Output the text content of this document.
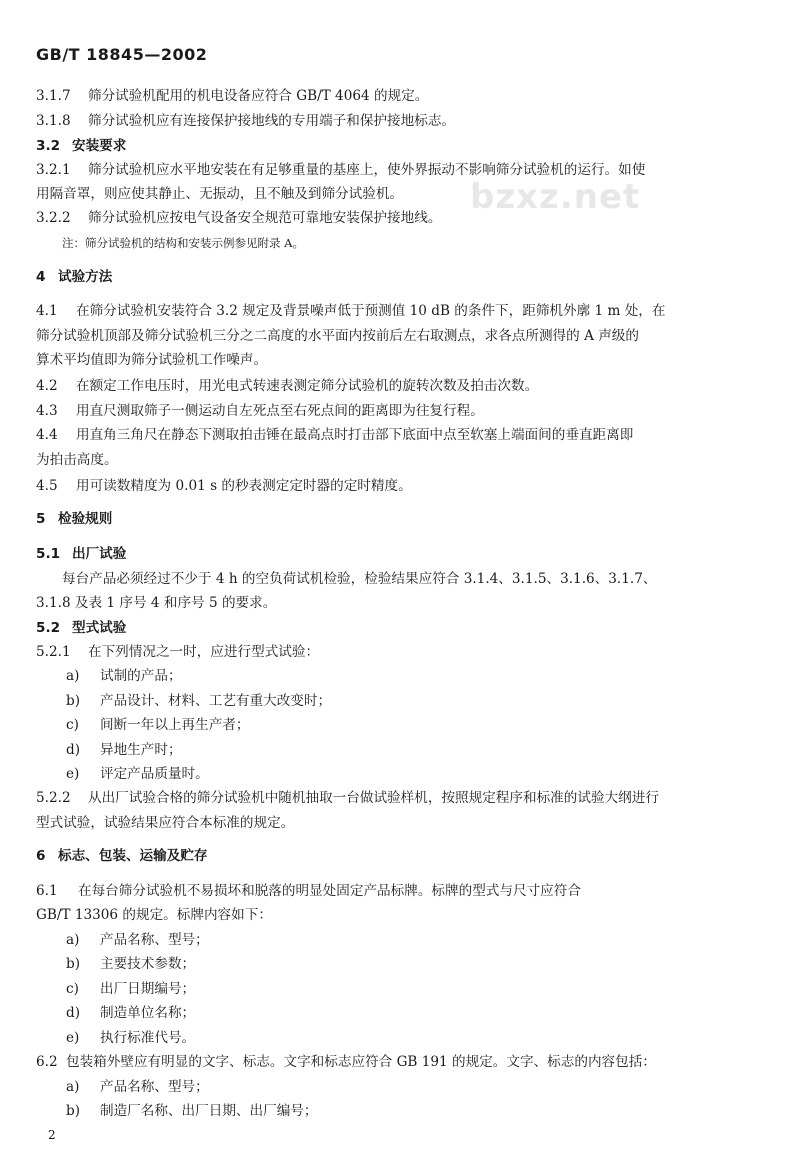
GB/T 18845—2002
bzxz.net
3.1.7 筛分试验机配用的机电设备应符合 GB/T 4064 的规定。
3.1.8 筛分试验机应有连接保护接地线的专用端子和保护接地标志。
3.2 安装要求
3.2.1 筛分试验机应水平地安装在有足够重量的基座上，使外界振动不影响筛分试验机的运行。如使
用隔音罩，则应使其静止、无振动，且不触及到筛分试验机。
3.2.2 筛分试验机应按电气设备安全规范可靠地安装保护接地线。
注：筛分试验机的结构和安装示例参见附录 A。
4 试验方法
4.1 在筛分试验机安装符合 3.2 规定及背景噪声低于预测值 10 dB 的条件下，距筛机外廓 1 m 处，在
筛分试验机顶部及筛分试验机三分之二高度的水平面内按前后左右取测点，求各点所测得的 A 声级的
算术平均值即为筛分试验机工作噪声。
4.2 在额定工作电压时，用光电式转速表测定筛分试验机的旋转次数及拍击次数。
4.3 用直尺测取筛子一侧运动自左死点至右死点间的距离即为往复行程。
4.4 用直角三角尺在静态下测取拍击锤在最高点时打击部下底面中点至软塞上端面间的垂直距离即
为拍击高度。
4.5 用可读数精度为 0.01 s 的秒表测定定时器的定时精度。
5 检验规则
5.1 出厂试验
每台产品必须经过不少于 4 h 的空负荷试机检验，检验结果应符合 3.1.4、3.1.5、3.1.6、3.1.7、
3.1.8 及表 1 序号 4 和序号 5 的要求。
5.2 型式试验
5.2.1 在下列情况之一时，应进行型式试验：
a) 试制的产品；
b) 产品设计、材料、工艺有重大改变时；
c) 间断一年以上再生产者；
d) 异地生产时；
e) 评定产品质量时。
5.2.2 从出厂试验合格的筛分试验机中随机抽取一台做试验样机，按照规定程序和标准的试验大纲进行
型式试验，试验结果应符合本标准的规定。
6 标志、包装、运输及贮存
6.1 在每台筛分试验机不易损坏和脱落的明显处固定产品标牌。标牌的型式与尺寸应符合
GB/T 13306 的规定。标牌内容如下：
a) 产品名称、型号；
b) 主要技术参数；
c) 出厂日期编号；
d) 制造单位名称；
e) 执行标准代号。
6.2 包装箱外壁应有明显的文字、标志。文字和标志应符合 GB 191 的规定。文字、标志的内容包括：
a) 产品名称、型号；
b) 制造厂名称、出厂日期、出厂编号；
2
